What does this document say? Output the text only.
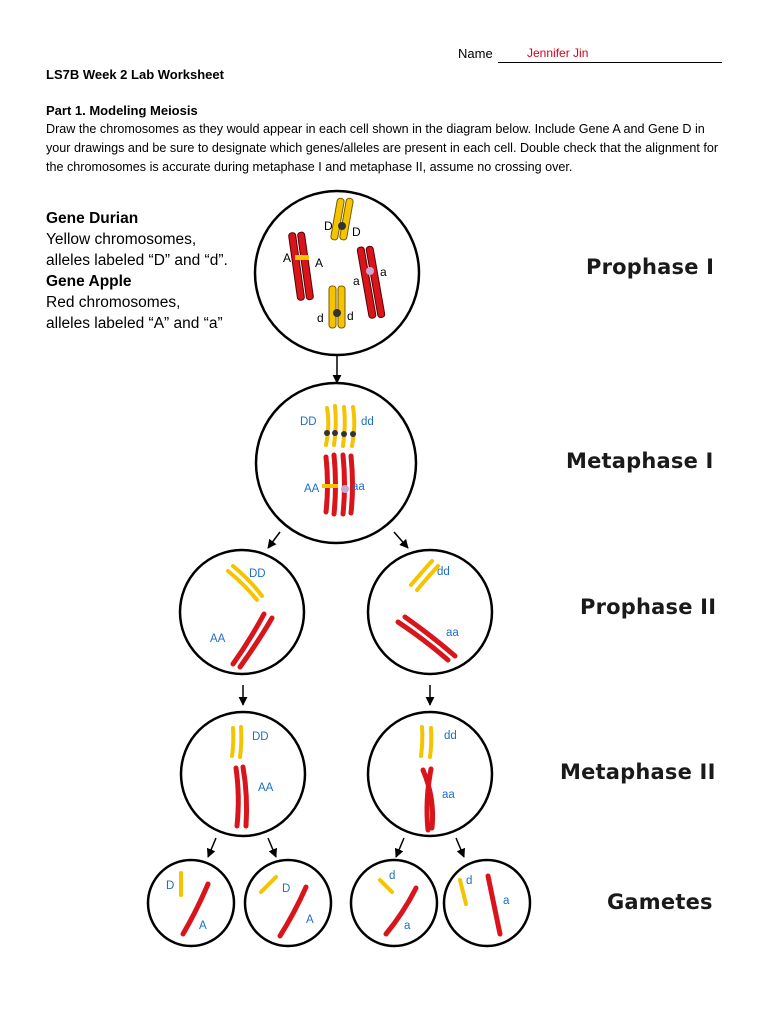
Name	Jennifer Jin
LS7B Week 2 Lab Worksheet
Part 1. Modeling Meiosis
Draw the chromosomes as they would appear in each cell shown in the diagram below. Include Gene A and Gene D in your drawings and be sure to designate which genes/alleles are present in each cell. Double check that the alignment for the chromosomes is accurate during metaphase I and metaphase II, assume no crossing over.
Gene Durian
Yellow chromosomes,
alleles labeled “D” and “d”.
Gene Apple
Red chromosomes,
alleles labeled “A” and “a”
Prophase I
Metaphase I
Prophase II
Metaphase II
Gametes
D D
A A
a
a
d d
DD	dd
AA	aa
DD
AA
dd
aa
DD
AA
dd
aa
D
A
D
A
d
a
d
a
